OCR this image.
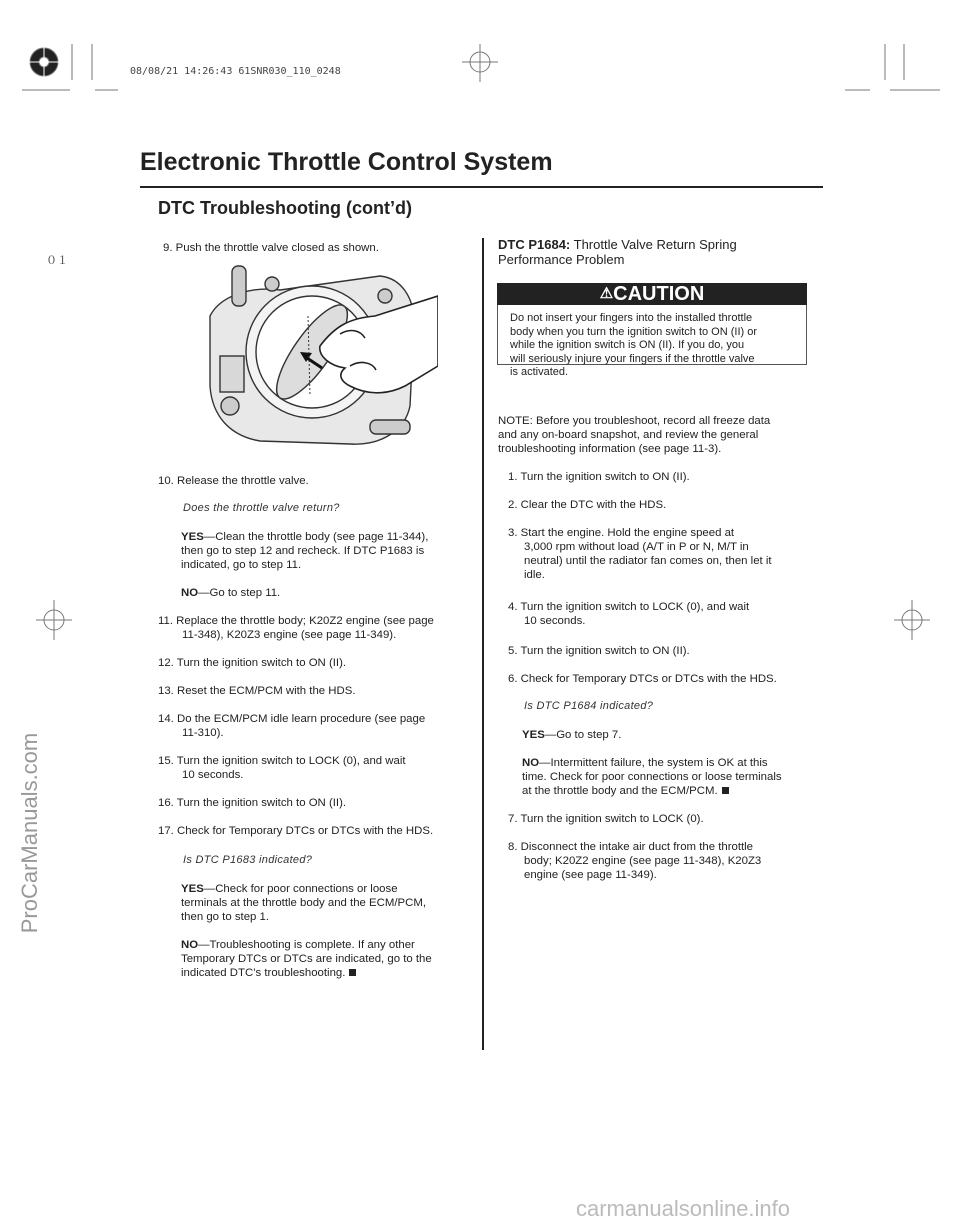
08/08/21 14:26:43 61SNR030_110_0248
０１
ProCarManuals.com
carmanualsonline.info
Electronic Throttle Control System
DTC Troubleshooting (cont’d)
9. Push the throttle valve closed as shown.
10. Release the throttle valve.
Does the throttle valve return?
YES—Clean the throttle body (see page 11-344),
then go to step 12 and recheck. If DTC P1683 is
indicated, go to step 11.
NO—Go to step 11.
11. Replace the throttle body; K20Z2 engine (see page
11-348), K20Z3 engine (see page 11-349).
12. Turn the ignition switch to ON (II).
13. Reset the ECM/PCM with the HDS.
14. Do the ECM/PCM idle learn procedure (see page
11-310).
15. Turn the ignition switch to LOCK (0), and wait
10 seconds.
16. Turn the ignition switch to ON (II).
17. Check for Temporary DTCs or DTCs with the HDS.
Is DTC P1683 indicated?
YES—Check for poor connections or loose
terminals at the throttle body and the ECM/PCM,
then go to step 1.
NO—Troubleshooting is complete. If any other
Temporary DTCs or DTCs are indicated, go to the
indicated DTC’s troubleshooting.
DTC P1684: Throttle Valve Return Spring
Performance Problem
⚠CAUTION
Do not insert your fingers into the installed throttle
body when you turn the ignition switch to ON (II) or
while the ignition switch is ON (II). If you do, you
will seriously injure your fingers if the throttle valve
is activated.
NOTE: Before you troubleshoot, record all freeze data
and any on-board snapshot, and review the general
troubleshooting information (see page 11-3).
1. Turn the ignition switch to ON (II).
2. Clear the DTC with the HDS.
3. Start the engine. Hold the engine speed at
3,000 rpm without load (A/T in P or N, M/T in
neutral) until the radiator fan comes on, then let it
idle.
4. Turn the ignition switch to LOCK (0), and wait
10 seconds.
5. Turn the ignition switch to ON (II).
6. Check for Temporary DTCs or DTCs with the HDS.
Is DTC P1684 indicated?
YES—Go to step 7.
NO—Intermittent failure, the system is OK at this
time. Check for poor connections or loose terminals
at the throttle body and the ECM/PCM.
7. Turn the ignition switch to LOCK (0).
8. Disconnect the intake air duct from the throttle
body; K20Z2 engine (see page 11-348), K20Z3
engine (see page 11-349).
